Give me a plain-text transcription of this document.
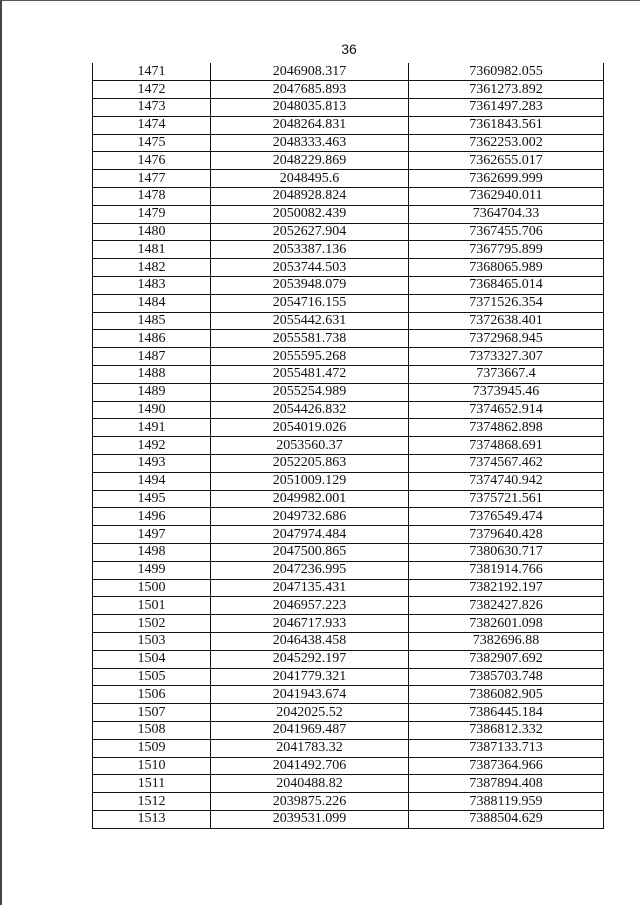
36
1471	2046908.317	7360982.055
1472	2047685.893	7361273.892
1473	2048035.813	7361497.283
1474	2048264.831	7361843.561
1475	2048333.463	7362253.002
1476	2048229.869	7362655.017
1477	2048495.6	7362699.999
1478	2048928.824	7362940.011
1479	2050082.439	7364704.33
1480	2052627.904	7367455.706
1481	2053387.136	7367795.899
1482	2053744.503	7368065.989
1483	2053948.079	7368465.014
1484	2054716.155	7371526.354
1485	2055442.631	7372638.401
1486	2055581.738	7372968.945
1487	2055595.268	7373327.307
1488	2055481.472	7373667.4
1489	2055254.989	7373945.46
1490	2054426.832	7374652.914
1491	2054019.026	7374862.898
1492	2053560.37	7374868.691
1493	2052205.863	7374567.462
1494	2051009.129	7374740.942
1495	2049982.001	7375721.561
1496	2049732.686	7376549.474
1497	2047974.484	7379640.428
1498	2047500.865	7380630.717
1499	2047236.995	7381914.766
1500	2047135.431	7382192.197
1501	2046957.223	7382427.826
1502	2046717.933	7382601.098
1503	2046438.458	7382696.88
1504	2045292.197	7382907.692
1505	2041779.321	7385703.748
1506	2041943.674	7386082.905
1507	2042025.52	7386445.184
1508	2041969.487	7386812.332
1509	2041783.32	7387133.713
1510	2041492.706	7387364.966
1511	2040488.82	7387894.408
1512	2039875.226	7388119.959
1513	2039531.099	7388504.629
